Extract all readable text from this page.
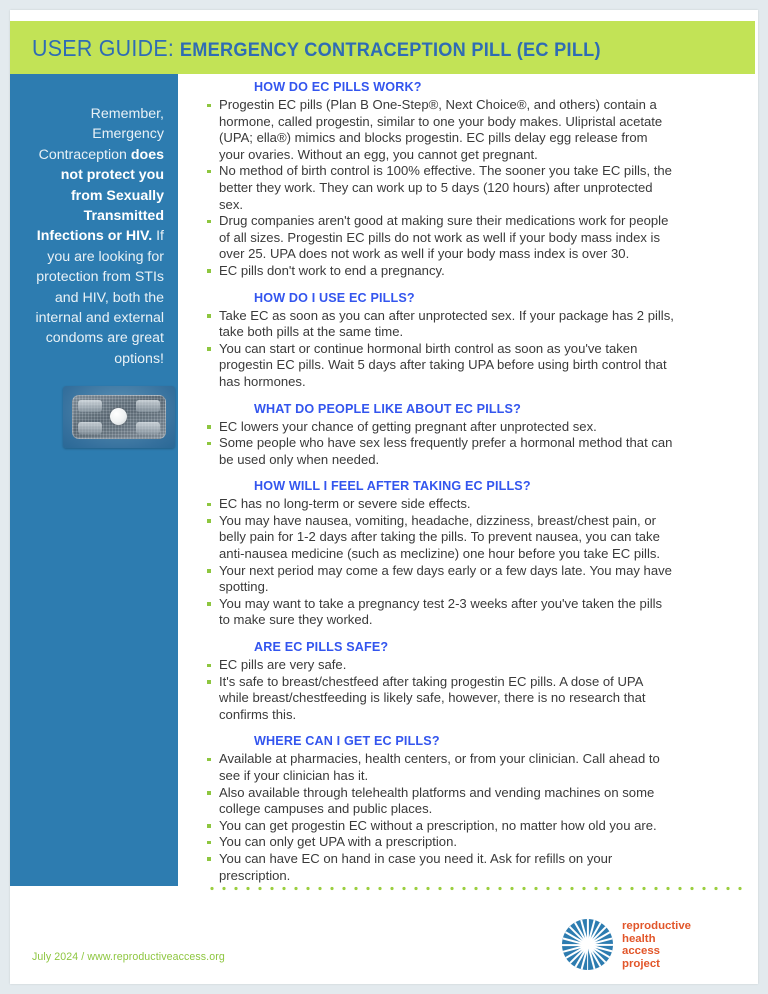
USER GUIDE: EMERGENCY CONTRACEPTION PILL (EC PILL)
Remember, Emergency Contraception does not protect you from Sexually Transmitted Infections or HIV. If you are looking for protection from STIs and HIV, both the internal and external condoms are great options!
HOW DO EC PILLS WORK?
Progestin EC pills (Plan B One-Step®, Next Choice®, and others) contain a hormone, called progestin, similar to one your body makes. Ulipristal acetate (UPA; ella®) mimics and blocks progestin. EC pills delay egg release from your ovaries. Without an egg, you cannot get pregnant.
No method of birth control is 100% effective. The sooner you take EC pills, the better they work. They can work up to 5 days (120 hours) after unprotected sex.
Drug companies aren't good at making sure their medications work for people of all sizes. Progestin EC pills do not work as well if your body mass index is over 25. UPA does not work as well if your body mass index is over 30.
EC pills don't work to end a pregnancy.
HOW DO I USE EC PILLS?
Take EC as soon as you can after unprotected sex. If your package has 2 pills, take both pills at the same time.
You can start or continue hormonal birth control as soon as you've taken progestin EC pills. Wait 5 days after taking UPA before using birth control that has hormones.
WHAT DO PEOPLE LIKE ABOUT EC PILLS?
EC lowers your chance of getting pregnant after unprotected sex.
Some people who have sex less frequently prefer a hormonal method that can be used only when needed.
HOW WILL I FEEL AFTER TAKING EC PILLS?
EC has no long-term or severe side effects.
You may have nausea, vomiting, headache, dizziness, breast/chest pain, or belly pain for 1-2 days after taking the pills. To prevent nausea, you can take anti-nausea medicine (such as meclizine) one hour before you take EC pills.
Your next period may come a few days early or a few days late. You may have spotting.
You may want to take a pregnancy test 2-3 weeks after you've taken the pills to make sure they worked.
ARE EC PILLS SAFE?
EC pills are very safe.
It's safe to breast/chestfeed after taking progestin EC pills. A dose of UPA while breast/chestfeeding is likely safe, however, there is no research that confirms this.
WHERE CAN I GET EC PILLS?
Available at pharmacies, health centers, or from your clinician. Call ahead to see if your clinician has it.
Also available through telehealth platforms and vending machines on some college campuses and public places.
You can get progestin EC without a prescription, no matter how old you are.
You can only get UPA with a prescription.
You can have EC on hand in case you need it. Ask for refills on your prescription.
July 2024 / www.reproductiveaccess.org
reproductive
health
access
project
